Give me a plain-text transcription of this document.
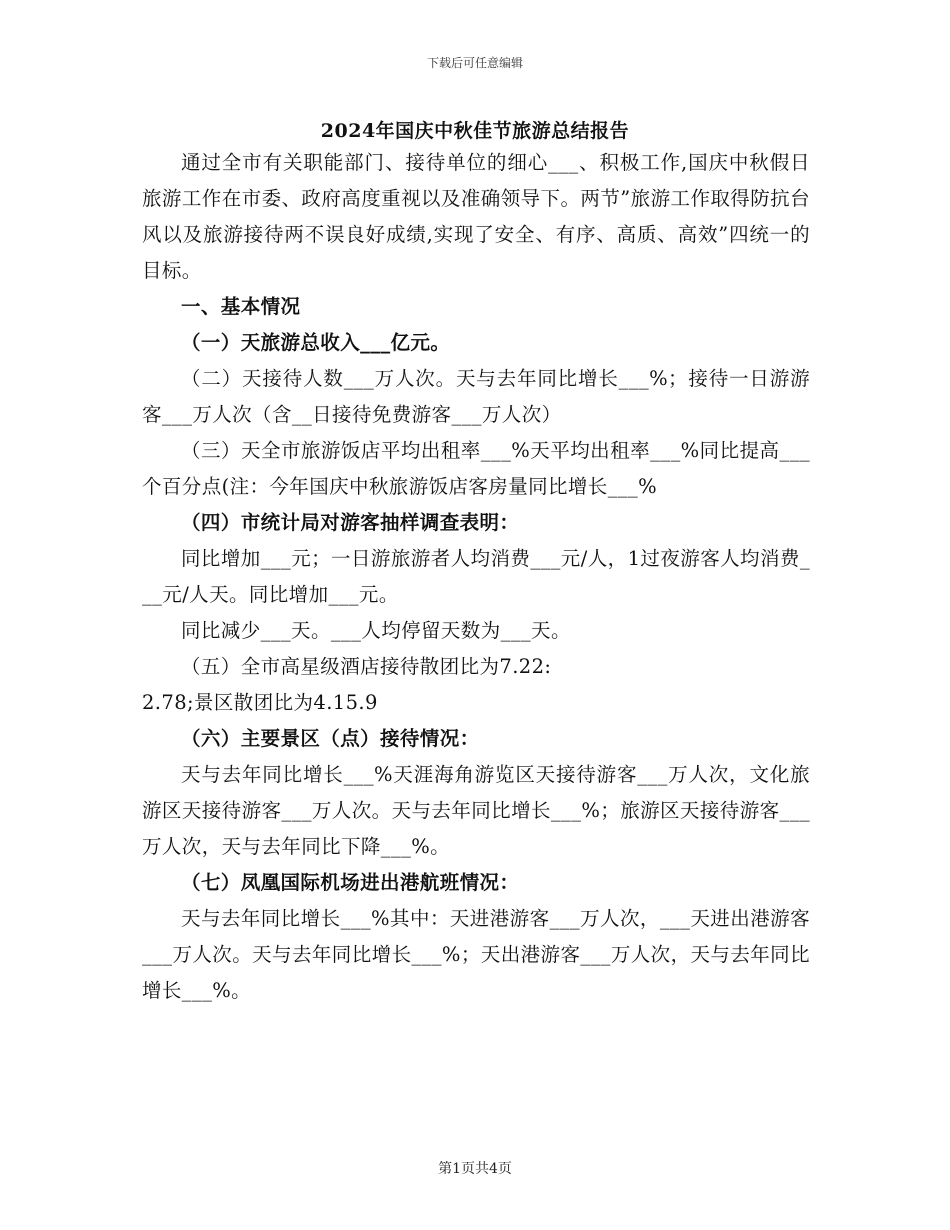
下载后可任意编辑
2024年国庆中秋佳节旅游总结报告

通过全市有关职能部门、接待单位的细心___、积极工作,国庆中秋假日旅游工作在市委、政府高度重视以及准确领导下。两节”旅游工作取得防抗台风以及旅游接待两不误良好成绩,实现了安全、有序、高质、高效”四统一的目标。

一、基本情况

（一）天旅游总收入___亿元。

（二）天接待人数___万人次。天与去年同比增长___%；接待一日游游客___万人次（含__日接待免费游客___万人次）

（三）天全市旅游饭店平均出租率___%天平均出租率___%同比提高___个百分点(注：今年国庆中秋旅游饭店客房量同比增长___%

（四）市统计局对游客抽样调查表明：

同比增加___元；一日游旅游者人均消费___元/人，1过夜游客人均消费___元/人天。同比增加___元。

同比减少___天。___人均停留天数为___天。

（五）全市高星级酒店接待散团比为7.22:

2.78;景区散团比为4.15.9

（六）主要景区（点）接待情况：

天与去年同比增长___%天涯海角游览区天接待游客___万人次，文化旅游区天接待游客___万人次。天与去年同比增长___%；旅游区天接待游客___万人次，天与去年同比下降___%。

（七）凤凰国际机场进出港航班情况：

天与去年同比增长___%其中：天进港游客___万人次，___天进出港游客___万人次。天与去年同比增长___%；天出港游客___万人次，天与去年同比增长___%。

第1页共4页
